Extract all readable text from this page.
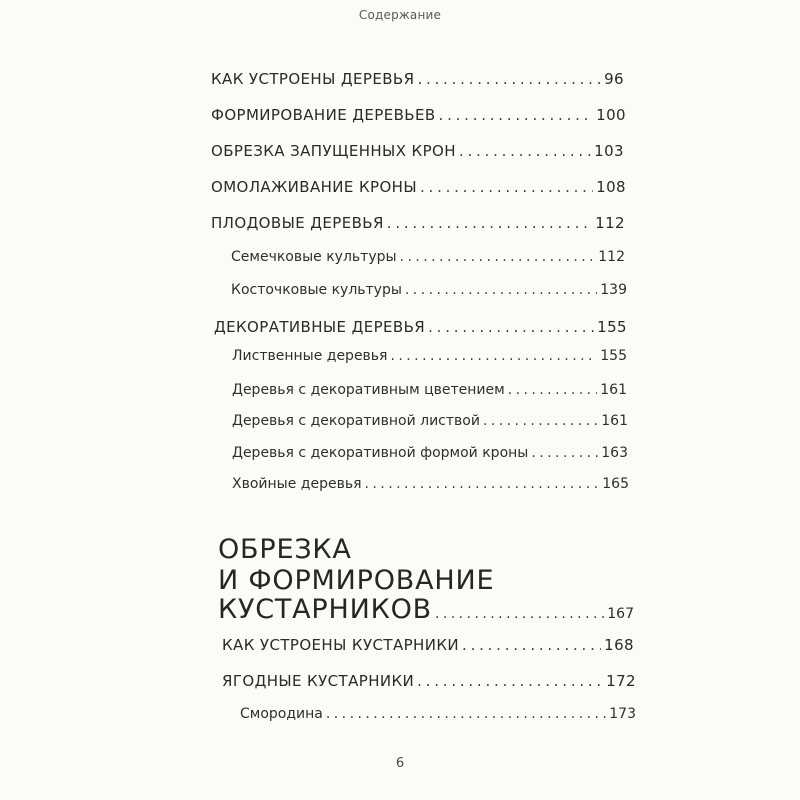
Содержание
КАК УСТРОЕНЫ ДЕРЕВЬЯ . . .	96
ФОРМИРОВАНИЕ ДЕРЕВЬЕВ . . .	100
ОБРЕЗКА ЗАПУЩЕННЫХ КРОН . . .	103
ОМОЛАЖИВАНИЕ КРОНЫ . . .	108
ПЛОДОВЫЕ ДЕРЕВЬЯ . . .	112
Семечковые культуры . . .	112
Косточковые культуры . . .	139
ДЕКОРАТИВНЫЕ ДЕРЕВЬЯ . . .	155
Лиственные деревья . . .	155
Деревья с декоративным цветением . . .	161
Деревья с декоративной листвой . . .	161
Деревья с декоративной формой кроны . . .	163
Хвойные деревья . . .	165
ОБРЕЗКА
И ФОРМИРОВАНИЕ
КУСТАРНИКОВ . . .	167
КАК УСТРОЕНЫ КУСТАРНИКИ . . .	168
ЯГОДНЫЕ КУСТАРНИКИ . . .	172
Смородина . . .	173
6
